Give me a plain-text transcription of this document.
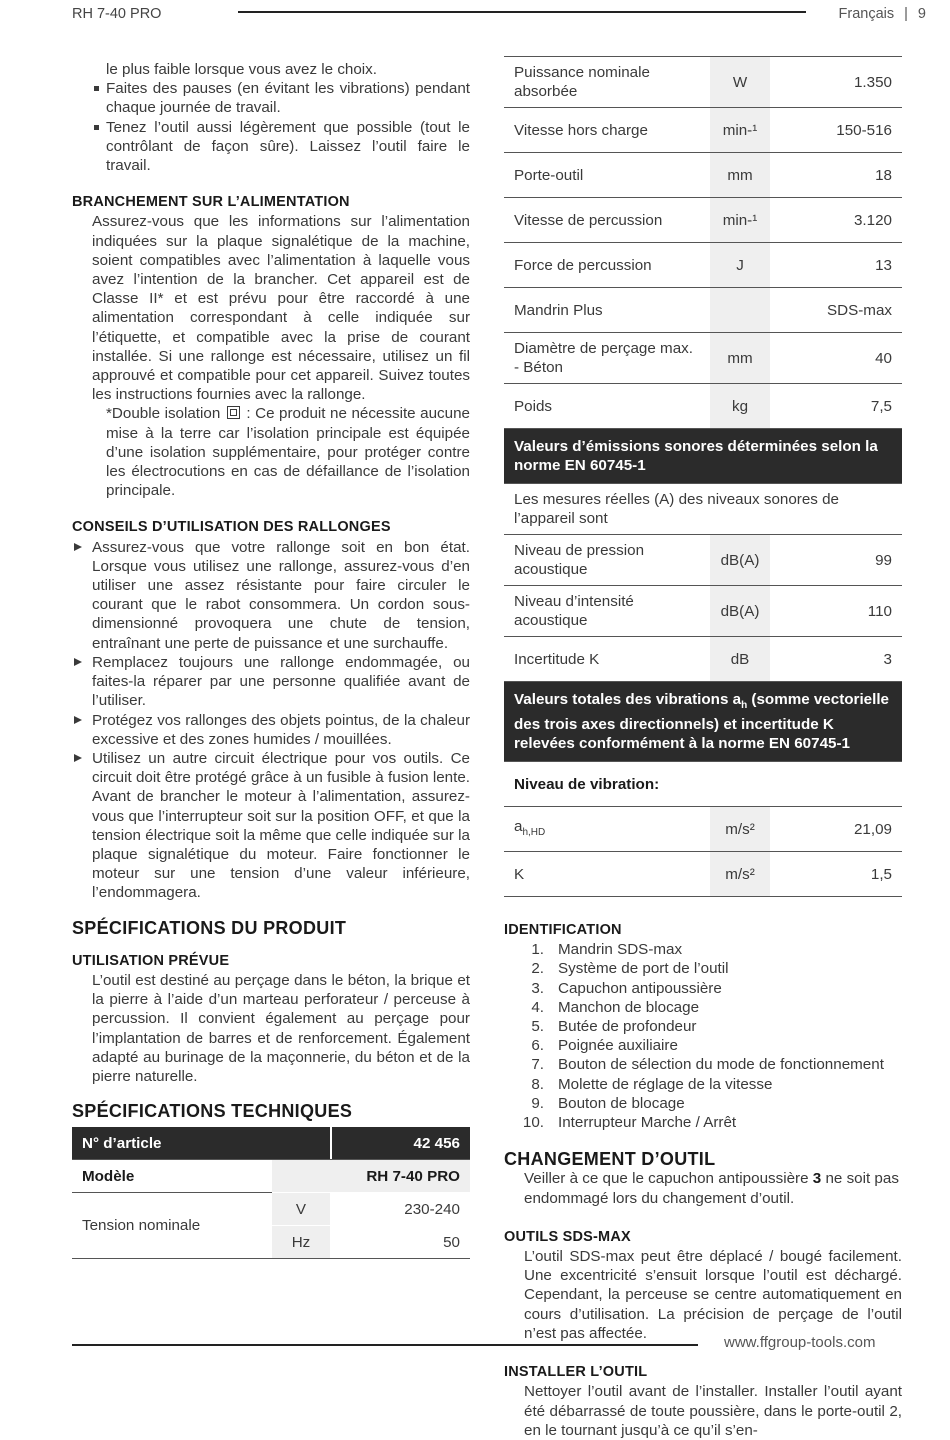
RH 7-40 PRO	Français | 9

le plus faible lorsque vous avez le choix.

Faites des pauses (en évitant les vibrations) pendant chaque journée de travail.
Tenez l’outil aussi légèrement que possible (tout le contrôlant de façon sûre). Laissez l’outil faire le travail.
BRANCHEMENT SUR L’ALIMENTATION

Assurez-vous que les informations sur l’alimentation indiquées sur la plaque signalétique de la machine, soient compatibles avec l’alimentation à laquelle vous avez l’intention de la brancher. Cet appareil est de Classe II* et est prévu pour être raccordé à une alimentation correspondant à celle indiquée sur l’étiquette, et compatible avec la prise de courant installée. Si une rallonge est nécessaire, utilisez un fil approuvé et compatible pour cet appareil. Suivez toutes les instructions fournies avec la rallonge.

*Double isolation : Ce produit ne nécessite aucune mise à la terre car l’isolation principale est équipée d’une isolation supplémentaire, pour protéger contre les électrocutions en cas de défaillance de l’isolation principale.

CONSEILS D’UTILISATION DES RALLONGES
Assurez-vous que votre rallonge soit en bon état. Lorsque vous utilisez une rallonge, assurez-vous d’en utiliser une assez résistante pour faire circuler le courant que le rabot consommera. Un cordon sous-dimensionné provoquera une chute de tension, entraînant une perte de puissance et une surchauffe.
Remplacez toujours une rallonge endommagée, ou faites-la réparer par une personne qualifiée avant de l’utiliser.
Protégez vos rallonges des objets pointus, de la chaleur excessive et des zones humides / mouillées.
Utilisez un autre circuit électrique pour vos outils. Ce circuit doit être protégé grâce à un fusible à fusion lente. Avant de brancher le moteur à l’alimentation, assurez-vous que l’interrupteur soit sur la position OFF, et que la tension électrique soit la même que celle indiquée sur la plaque signalétique du moteur. Faire fonctionner le moteur sur une tension d’une valeur inférieure, l’endommagera.
SPÉCIFICATIONS DU PRODUIT
UTILISATION PRÉVUE

L’outil est destiné au perçage dans le béton, la brique et la pierre à l’aide d’un marteau perforateur / perceuse à percussion. Il convient également au perçage pour l’implantation de barres et de renforcement. Également adapté au burinage de la maçonnerie, du béton et de la pierre naturelle.

SPÉCIFICATIONS TECHNIQUES
N° d’article			42 456
Modèle	RH 7-40 PRO		
Tension nominale	V	230-240	
	Hz	50	
Puissance nominale absorbée	W	1.350
Vitesse hors charge	min-¹	150-516
Porte-outil	mm	18
Vitesse de percussion	min-¹	3.120
Force de percussion	J	13
Mandrin Plus		SDS-max
Diamètre de perçage max. - Béton	mm	40
Poids	kg	7,5
Valeurs d’émissions sonores déterminées selon la norme EN 60745-1		
Les mesures réelles (A) des niveaux sonores de l’appareil sont		
Niveau de pression acoustique	dB(A)	99
Niveau d’intensité acoustique	dB(A)	110
Incertitude K	dB	3
Valeurs totales des vibrations $a_h$ (somme vectorielle des trois axes directionnels) et incertitude K relevées conformément à la norme EN 60745-1		
Niveau de vibration:		
$a_{h,HD}$	m/s²	21,09
K	m/s²	1,5
IDENTIFICATION
1. Mandrin SDS-max
2. Système de port de l’outil
3. Capuchon antipoussière
4. Manchon de blocage
5. Butée de profondeur
6. Poignée auxiliaire
7. Bouton de sélection du mode de fonctionnement
8. Molette de réglage de la vitesse
9. Bouton de blocage
10. Interrupteur Marche / Arrêt
CHANGEMENT D’OUTIL

Veiller à ce que le capuchon antipoussière 3 ne soit pas endommagé lors du changement d’outil.

OUTILS SDS-MAX

L’outil SDS-max peut être déplacé / bougé facilement. Une excentricité s’ensuit lorsque l’outil est déchargé. Cependant, la perceuse se centre automatiquement en cours d’utilisation. La précision de perçage de l’outil n’est pas affectée.

INSTALLER L’OUTIL

Nettoyer l’outil avant de l’installer. Installer l’outil ayant été débarrassé de toute poussière, dans le porte-outil 2, en le tournant jusqu’à ce qu’il s’en-

www.ffgroup-tools.com
